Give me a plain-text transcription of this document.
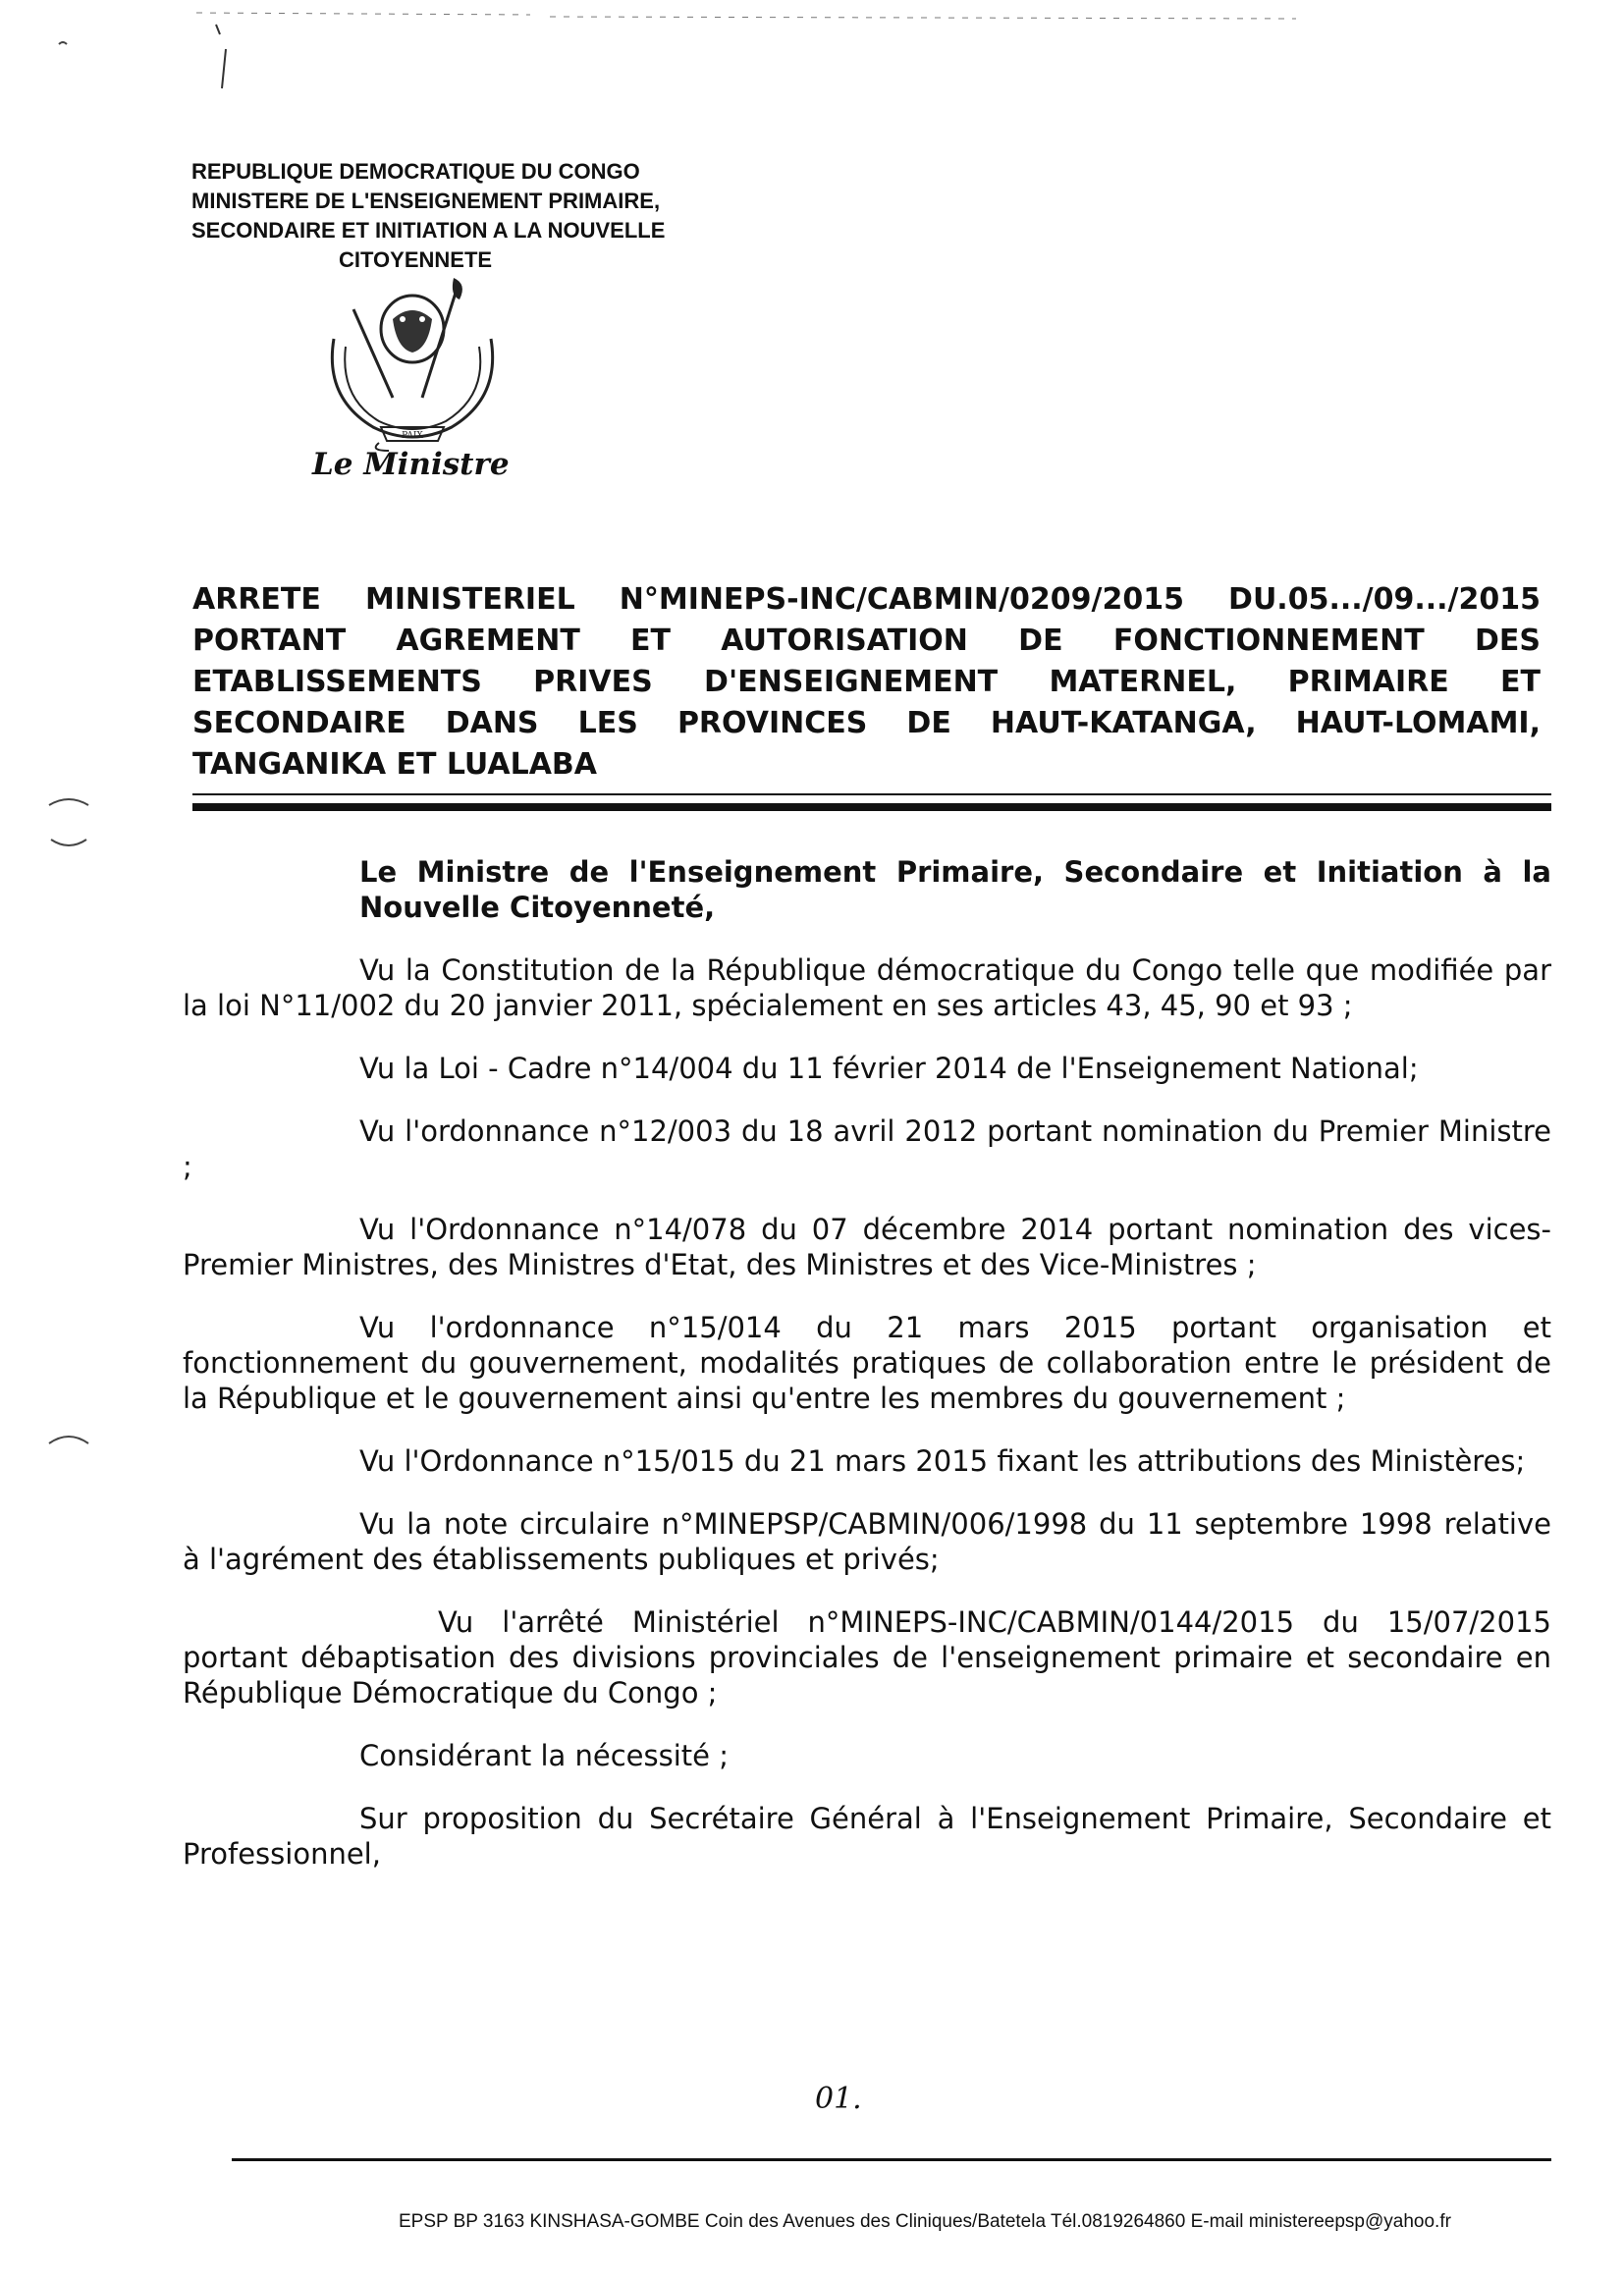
REPUBLIQUE DEMOCRATIQUE DU CONGO
MINISTERE DE L'ENSEIGNEMENT PRIMAIRE,
SECONDAIRE ET INITIATION A LA NOUVELLE
CITOYENNETE
PAIX
Le Ministre
ARRETE MINISTERIEL N°MINEPS-INC/CABMIN/0209/2015 DU.05.../09.../2015
PORTANT AGREMENT ET AUTORISATION DE FONCTIONNEMENT DES
ETABLISSEMENTS PRIVES D'ENSEIGNEMENT MATERNEL, PRIMAIRE ET
SECONDAIRE DANS LES PROVINCES DE HAUT-KATANGA, HAUT-LOMAMI,
TANGANIKA ET LUALABA
Le Ministre de l'Enseignement Primaire, Secondaire et Initiation à la Nouvelle Citoyenneté,
Vu la Constitution de la République démocratique du Congo telle que modifiée par la loi N°11/002 du 20 janvier 2011, spécialement en ses articles 43, 45, 90 et 93 ;
Vu la Loi - Cadre n°14/004 du 11 février 2014 de l'Enseignement National;
Vu l'ordonnance n°12/003 du 18 avril 2012 portant nomination du Premier Ministre ;
Vu l'Ordonnance n°14/078 du 07 décembre 2014 portant nomination des vices-Premier Ministres, des Ministres d'Etat, des Ministres et des Vice-Ministres ;
Vu l'ordonnance n°15/014 du 21 mars 2015 portant organisation et fonctionnement du gouvernement, modalités pratiques de collaboration entre le président de la République et le gouvernement ainsi qu'entre les membres du gouvernement ;
Vu l'Ordonnance n°15/015 du 21 mars 2015 fixant les attributions des Ministères;
Vu la note circulaire n°MINEPSP/CABMIN/006/1998 du 11 septembre 1998 relative à l'agrément des établissements publiques et privés;
Vu l'arrêté Ministériel n°MINEPS-INC/CABMIN/0144/2015 du 15/07/2015 portant débaptisation des divisions provinciales de l'enseignement primaire et secondaire en République Démocratique du Congo ;
Considérant la nécessité ;
Sur proposition du Secrétaire Général à l'Enseignement Primaire, Secondaire et Professionnel,
01.
EPSP BP 3163 KINSHASA-GOMBE Coin des Avenues des Cliniques/Batetela Tél.0819264860 E-mail ministereepsp@yahoo.fr
